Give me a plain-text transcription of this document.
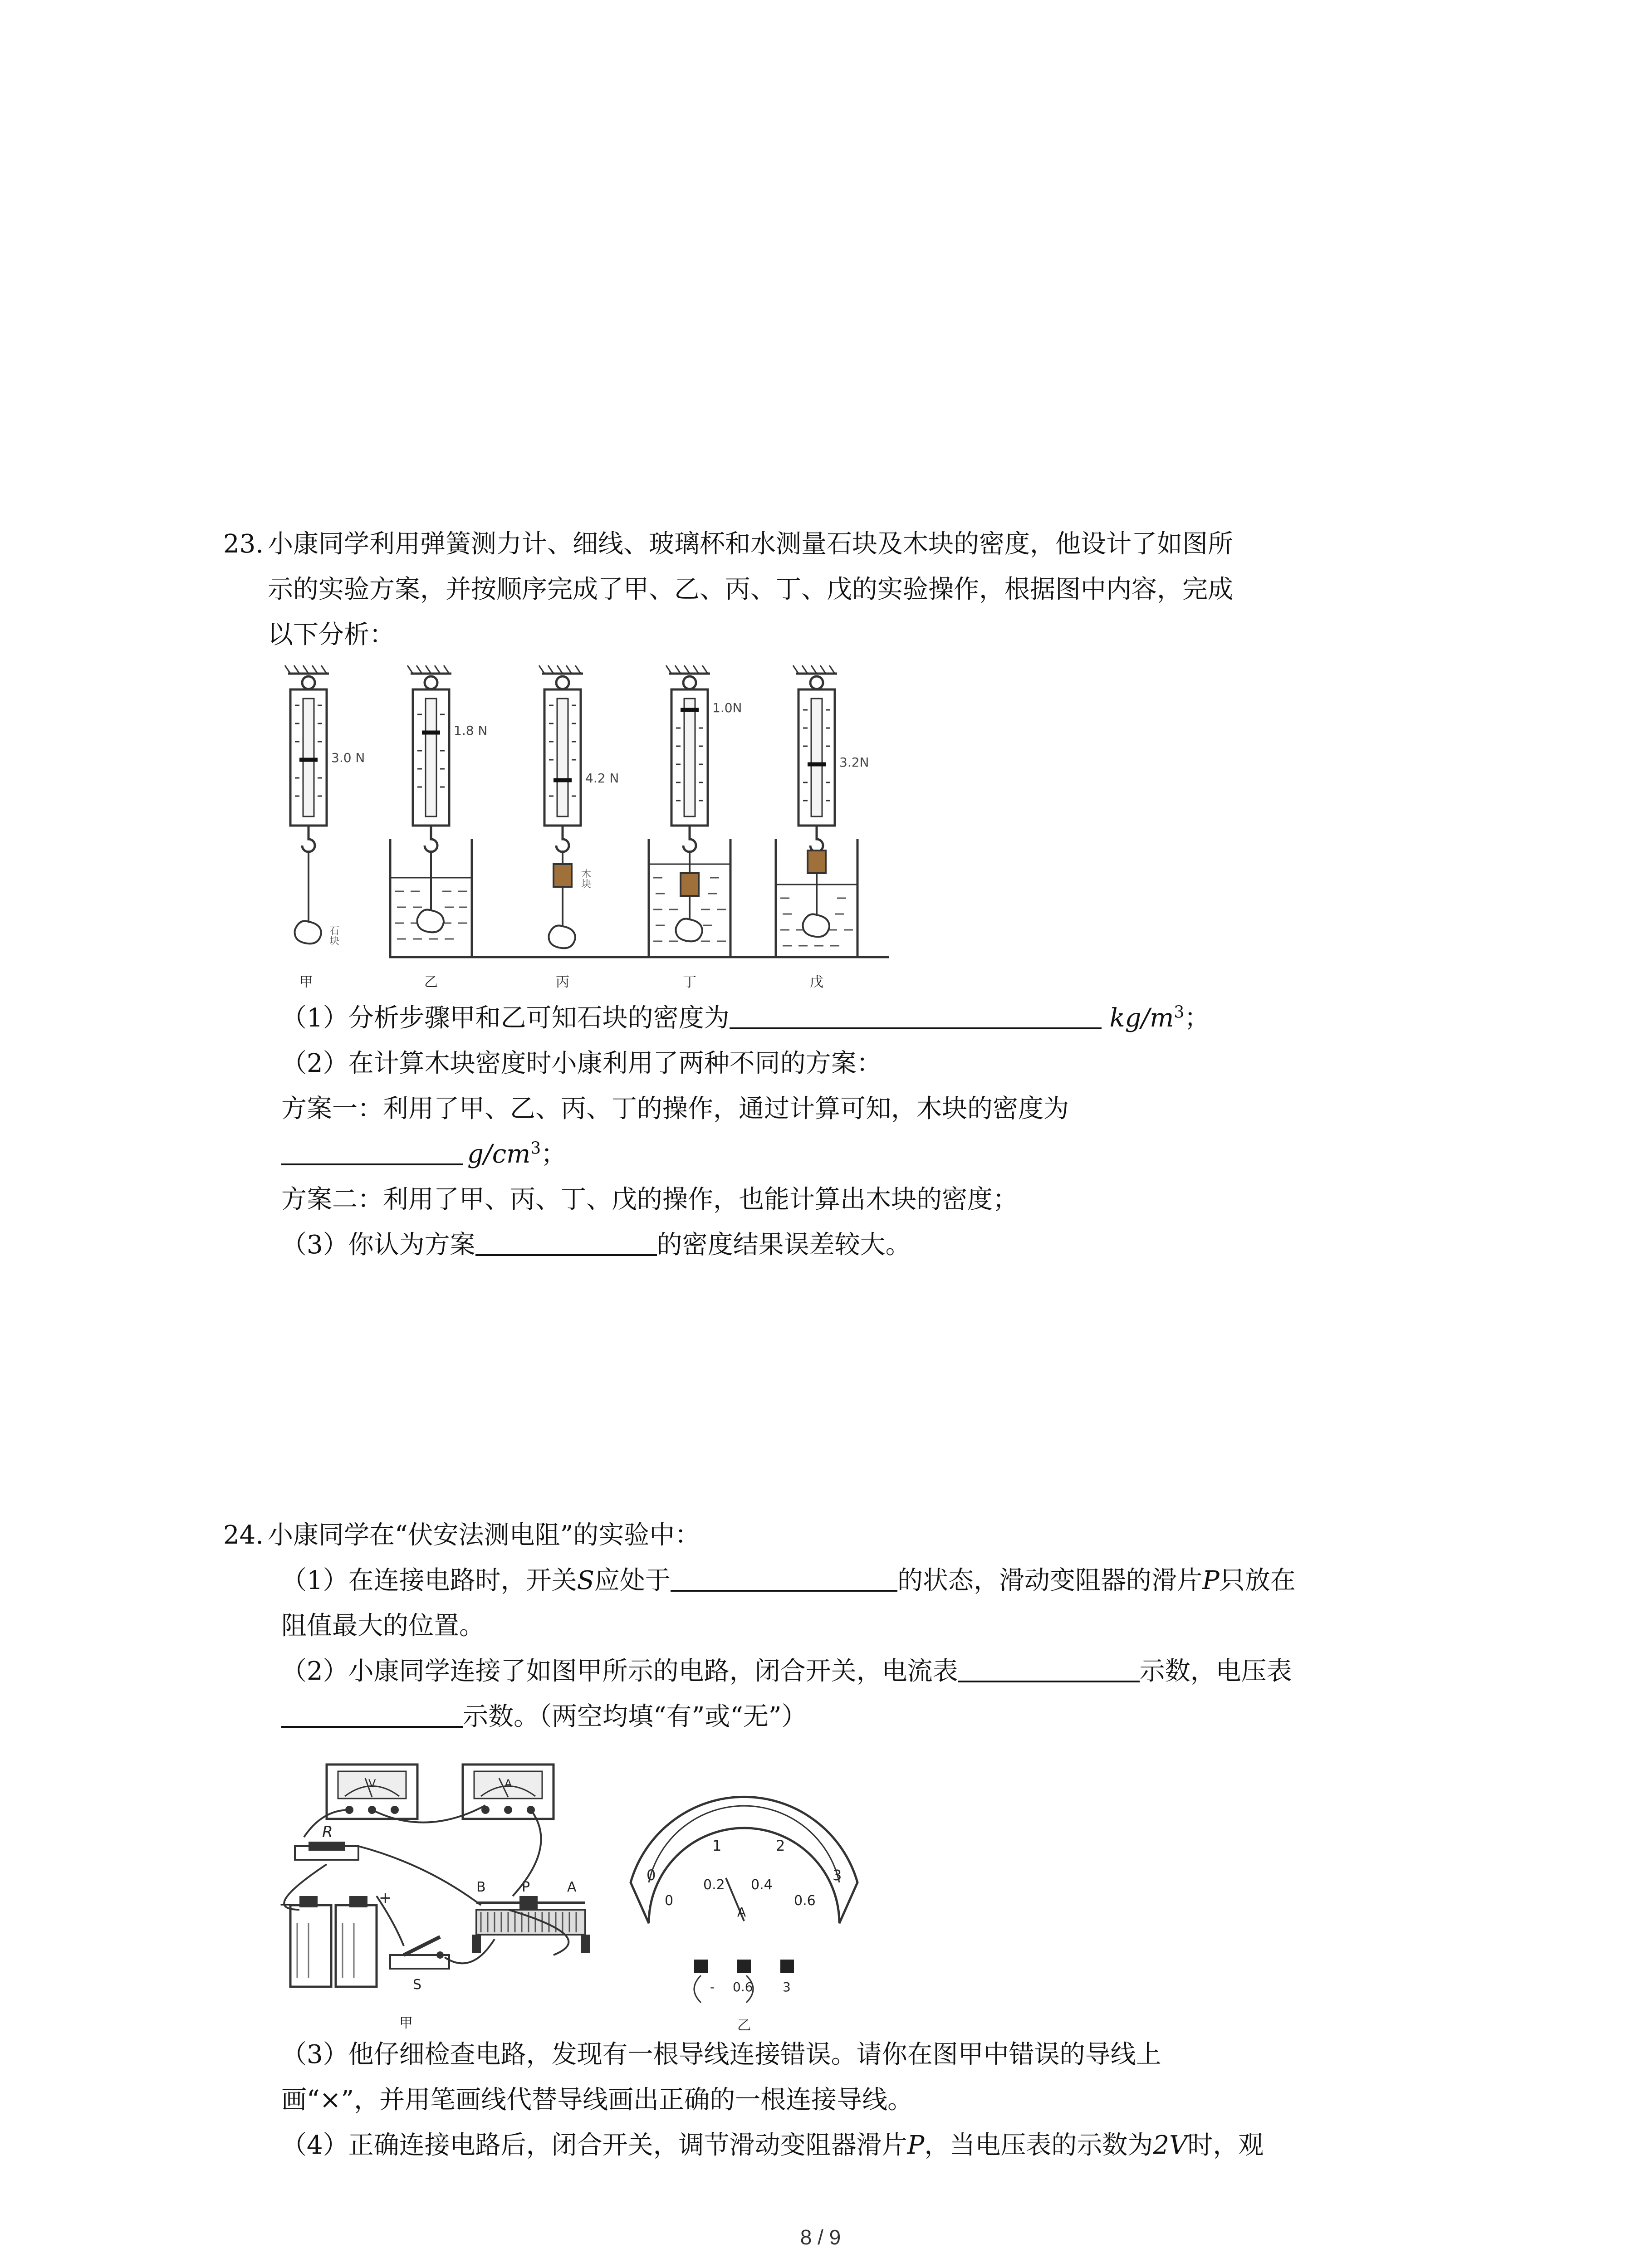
23. 小康同学利用弹簧测力计、细线、玻璃杯和水测量石块及木块的密度，他设计了如图所
示的实验方案，并按顺序完成了甲、乙、丙、丁、戊的实验操作，根据图中内容，完成
以下分析：
3.0 N
石块
甲
1.8 N
乙
4.2 N
木块
丙
1.0N
丁
3.2N
戊
（1）分析步骤甲和乙可知石块的密度为	$kg/m^3$；
（2）在计算木块密度时小康利用了两种不同的方案：
方案一：利用了甲、乙、丙、丁的操作，通过计算可知，木块的密度为
$g/cm^3$；
方案二：利用了甲、丙、丁、戊的操作，也能计算出木块的密度；
（3）你认为方案	的密度结果误差较大。
24. 小康同学在“伏安法测电阻”的实验中：
（1）在连接电路时，开关S应处于	的状态，滑动变阻器的滑片P只放在
阻值最大的位置。
（2）小康同学连接了如图甲所示的电路，闭合开关，电流表	示数，电压表
示数。（两空均填“有”或“无”）
V	A
R
−	+
S
B	P	A
甲
0
1	2
3
0
0.2 0.4
0.6
A
- 0.6 3
乙
（3）他仔细检查电路，发现有一根导线连接错误。请你在图甲中错误的导线上
画“×”，并用笔画线代替导线画出正确的一根连接导线。
（4）正确连接电路后，闭合开关，调节滑动变阻器滑片P，当电压表的示数为2V时，观
8 / 9
